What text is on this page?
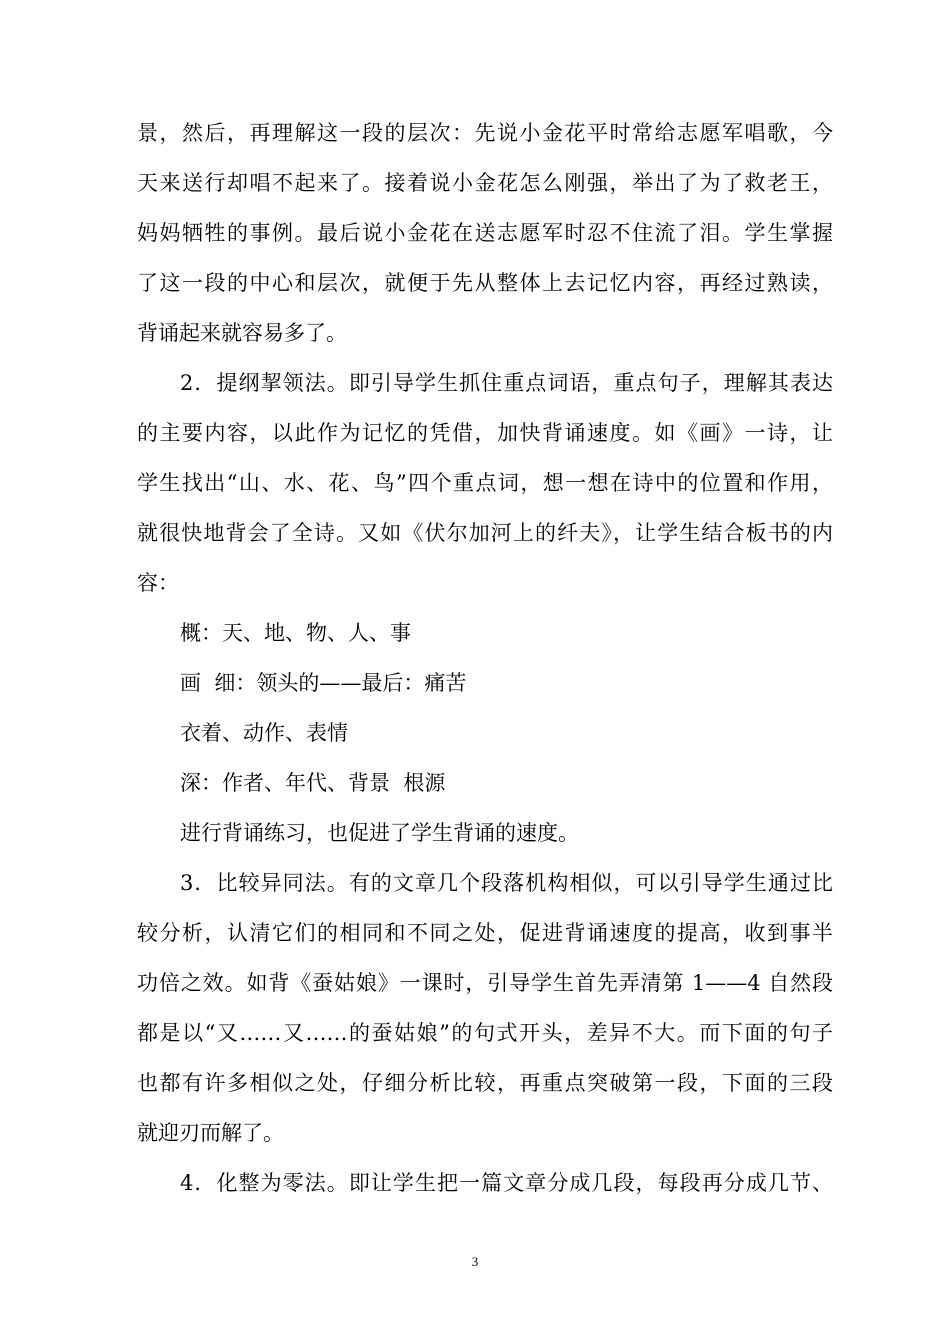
景，然后，再理解这一段的层次：先说小金花平时常给志愿军唱歌，今
天来送行却唱不起来了。接着说小金花怎么刚强，举出了为了救老王，
妈妈牺牲的事例。最后说小金花在送志愿军时忍不住流了泪。学生掌握
了这一段的中心和层次，就便于先从整体上去记忆内容，再经过熟读，
背诵起来就容易多了。
2．提纲挈领法。即引导学生抓住重点词语，重点句子，理解其表达
的主要内容，以此作为记忆的凭借，加快背诵速度。如《画》一诗，让
学生找出“山、水、花、鸟”四个重点词，想一想在诗中的位置和作用，
就很快地背会了全诗。又如《伏尔加河上的纤夫》，让学生结合板书的内
容：
概：天、地、物、人、事
画  细：领头的——最后：痛苦
衣着、动作、表情
深：作者、年代、背景  根源
进行背诵练习，也促进了学生背诵的速度。
3．比较异同法。有的文章几个段落机构相似，可以引导学生通过比
较分析，认清它们的相同和不同之处，促进背诵速度的提高，收到事半
功倍之效。如背《蚕姑娘》一课时，引导学生首先弄清第 1——4 自然段
都是以“又……又……的蚕姑娘”的句式开头，差异不大。而下面的句子
也都有许多相似之处，仔细分析比较，再重点突破第一段，下面的三段
就迎刃而解了。
4．化整为零法。即让学生把一篇文章分成几段，每段再分成几节、
3
